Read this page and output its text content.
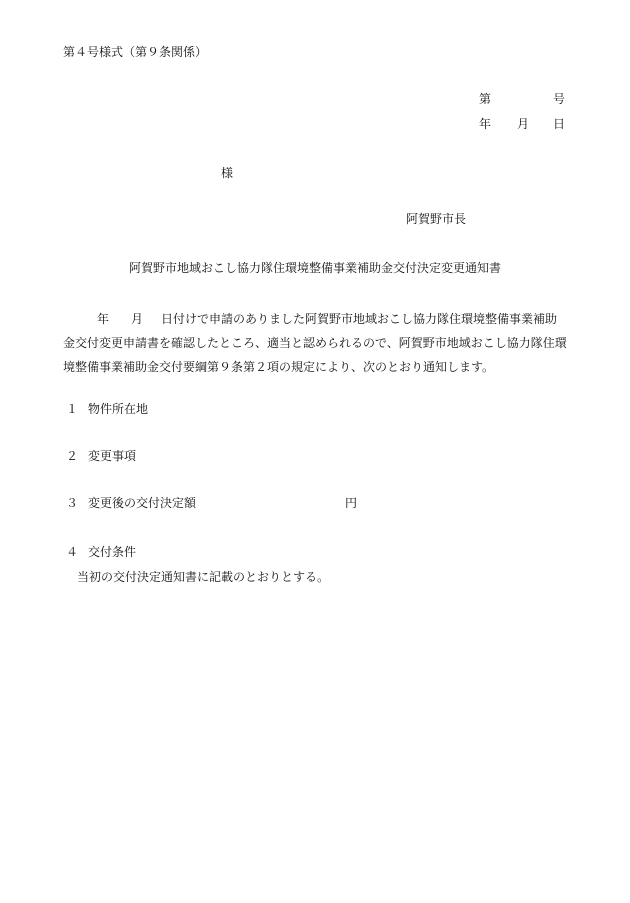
第４号様式（第９条関係）
第	号
年 月 日
様
阿賀野市長
阿賀野市地域おこし協力隊住環境整備事業補助金交付決定変更通知書
年 月 日付けで申請のありました阿賀野市地域おこし協力隊住環境整備事業補助
金交付変更申請書を確認したところ、適当と認められるので、阿賀野市地域おこし協力隊住環
境整備事業補助金交付要綱第９条第２項の規定により、次のとおり通知します。
１ 物件所在地
２ 変更事項
３ 変更後の交付決定額	円
４ 交付条件
当初の交付決定通知書に記載のとおりとする。
